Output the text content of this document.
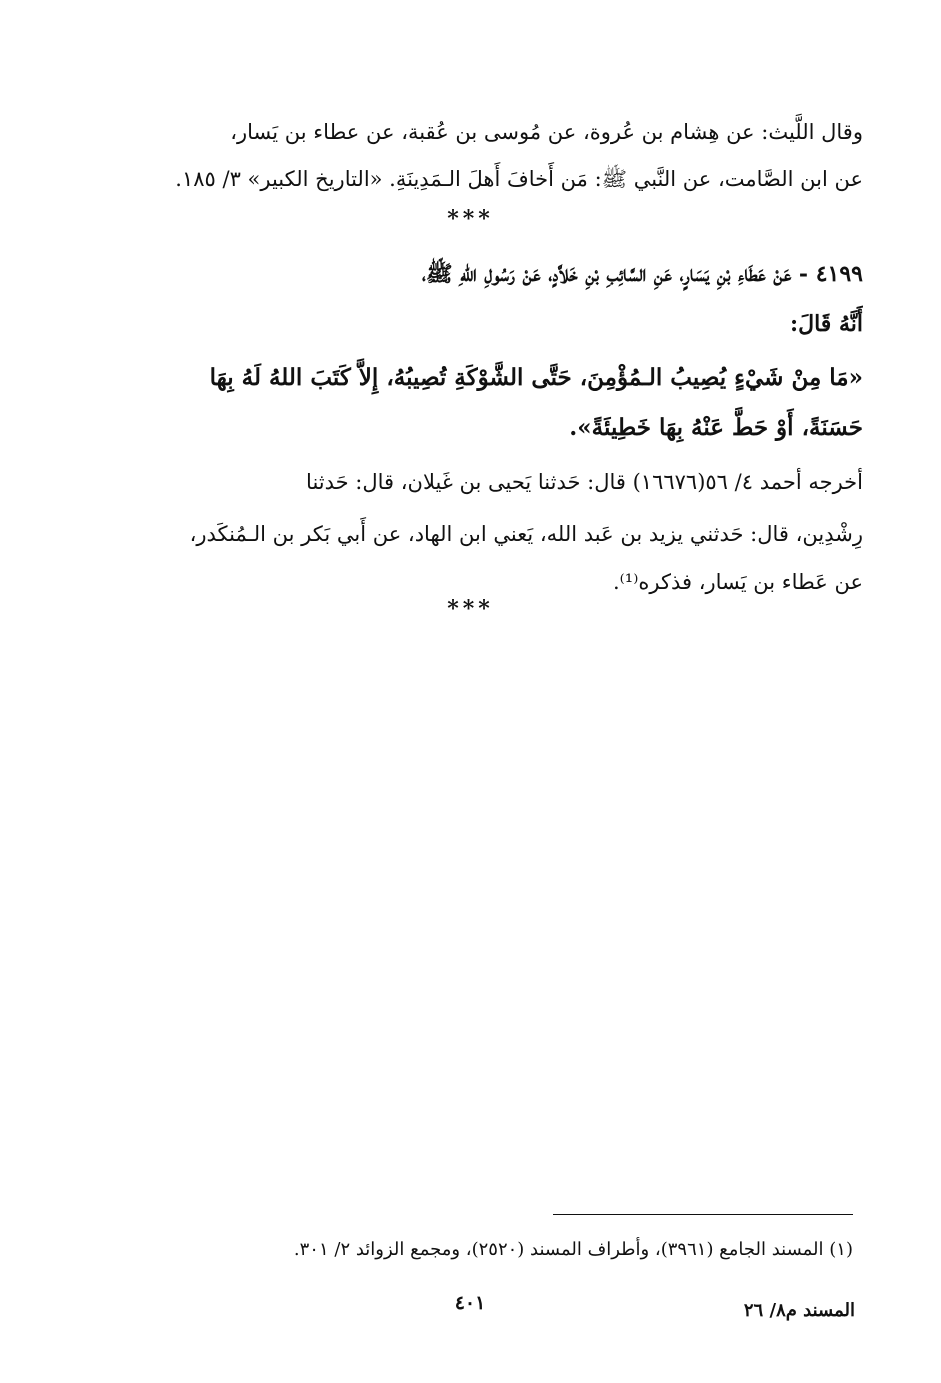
وقال اللَّيث: عن هِشام بن عُروة، عن مُوسى بن عُقبة، عن عطاء بن يَسار،
عن ابن الصَّامت، عن النَّبي ﷺ: مَن أَخافَ أَهلَ الـمَدِينَةِ. «التاريخ الكبير» ٣/ ١٨٥.
***
٤١٩٩ - عَنْ عَطَاءِ بْنِ يَسَارٍ، عَنِ السَّائِبِ بْنِ خَلاَّدٍ، عَنْ رَسُولِ اللهِ ﷺ،
أَنَّهُ قَالَ:
«مَا مِنْ شَيْءٍ يُصِيبُ الـمُؤْمِنَ، حَتَّى الشَّوْكَةِ تُصِيبُهُ، إِلاَّ كَتَبَ اللهُ لَهُ بِهَا
حَسَنَةً، أَوْ حَطَّ عَنْهُ بِهَا خَطِيئَةً».
أخرجه أحمد ٤/ ٥٦(١٦٦٧٦) قال: حَدثنا يَحيى بن غَيلان، قال: حَدثنا
رِشْدِين، قال: حَدثني يزيد بن عَبد الله، يَعني ابن الهاد، عن أَبي بَكر بن الـمُنكَدر،
عن عَطاء بن يَسار، فذكره⁽¹⁾.
***
(١) المسند الجامع (٣٩٦١)، وأطراف المسند (٢٥٢٠)، ومجمع الزوائد ٢/ ٣٠١.
٤٠١	المسند م٨/ ٢٦
